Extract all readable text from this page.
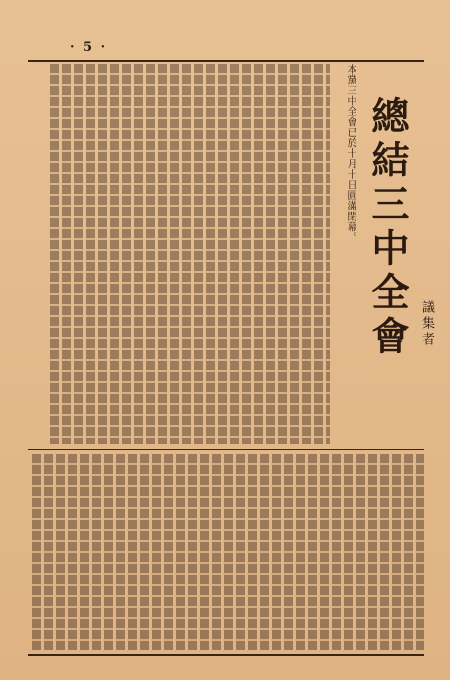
· 5 ·
總結三中全會 議集者
本黨三中全會已於十月十日圓滿閉幕。
